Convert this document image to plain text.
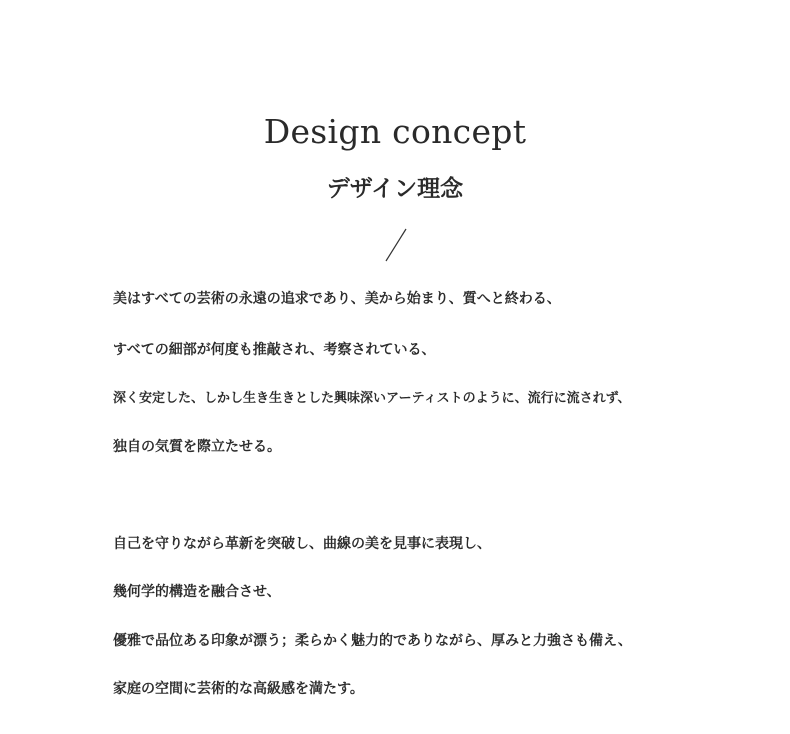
Design concept
デザイン理念

美はすべての芸術の永遠の追求であり、美から始まり、質へと終わる、

すべての細部が何度も推敲され、考察されている、

深く安定した、しかし生き生きとした興味深いアーティストのように、流行に流されず、

独自の気質を際立たせる。

自己を守りながら革新を突破し、曲線の美を見事に表現し、

幾何学的構造を融合させ、

優雅で品位ある印象が漂う；柔らかく魅力的でありながら、厚みと力強さも備え、

家庭の空間に芸術的な高級感を満たす。
